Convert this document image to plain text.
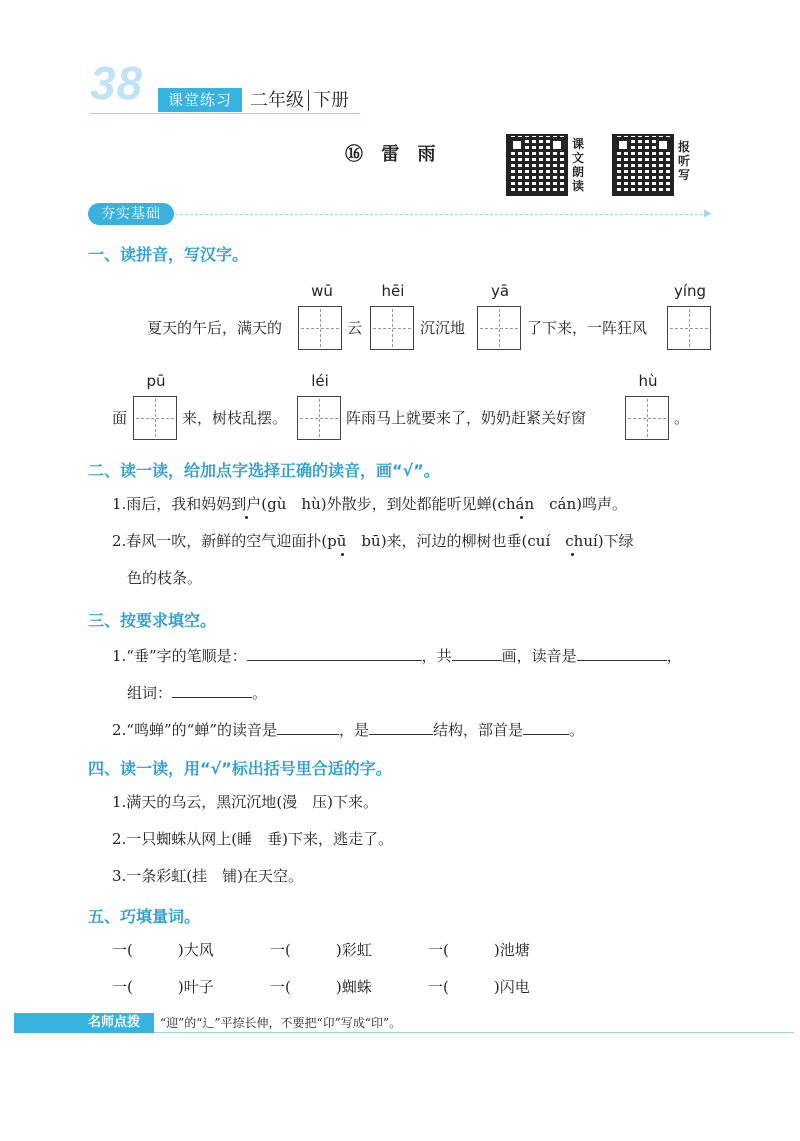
38	课堂练习	二年级 下册
⑯ 雷 雨	课文朗读
报听写
▶
夯实基础
一、读拼音，写汉字。
wū	hēi	yā	yíng
夏天的午后，满天的	云	沉沉地	了下来，一阵狂风
pū	léi	hù
面	来，树枝乱摆。	阵雨马上就要来了，奶奶赶紧关好窗	。
二、读一读，给加点字选择正确的读音，画“√”。
1.雨后，我和妈妈到户(gù　hù)外散步，到处都能听见蝉(chán　cán)鸣声。
2.春风一吹，新鲜的空气迎面扑(pū　bū)来，河边的柳树也垂(cuí　chuí)下绿
色的枝条。
三、按要求填空。
1.“垂”字的笔顺是：	，共	画，读音是	，
组词：	。
2.“鸣蝉”的“蝉”的读音是	，是	结构，部首是	。
四、读一读，用“√”标出括号里合适的字。
1.满天的乌云，黑沉沉地(漫　压)下来。
2.一只蜘蛛从网上(睡　垂)下来，逃走了。
3.一条彩虹(挂　铺)在天空。
五、巧填量词。
一(　　　)大风	一(　　　)彩虹	一(　　　)池塘
一(　　　)叶子	一(　　　)蜘蛛	一(　　　)闪电
名师点拨	“迎”的“辶”平捺长伸，不要把“卬”写成“印”。
